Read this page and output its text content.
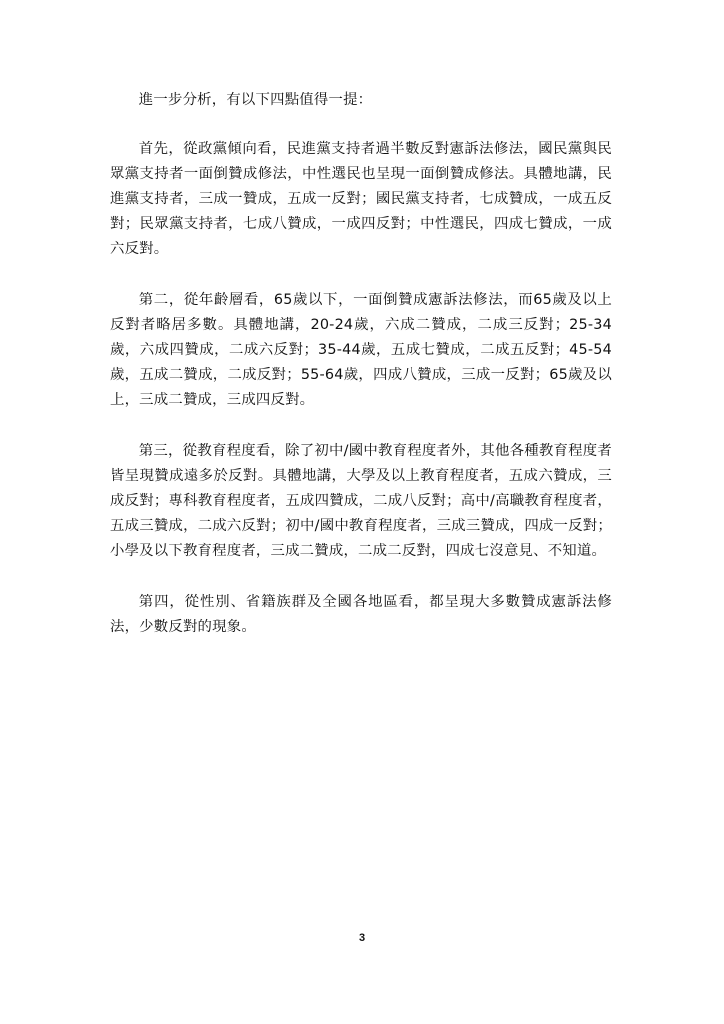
進一步分析，有以下四點值得一提：

首先，從政黨傾向看，民進黨支持者過半數反對憲訴法修法，國民黨與民眾黨支持者一面倒贊成修法，中性選民也呈現一面倒贊成修法。具體地講，民進黨支持者，三成一贊成，五成一反對；國民黨支持者，七成贊成，一成五反對；民眾黨支持者，七成八贊成，一成四反對；中性選民，四成七贊成，一成六反對。

第二，從年齡層看，65歲以下，一面倒贊成憲訴法修法，而65歲及以上反對者略居多數。具體地講，20-24歲，六成二贊成，二成三反對；25-34歲，六成四贊成，二成六反對；35-44歲，五成七贊成，二成五反對；45-54歲，五成二贊成，二成反對；55-64歲，四成八贊成，三成一反對；65歲及以上，三成二贊成，三成四反對。

第三，從教育程度看，除了初中/國中教育程度者外，其他各種教育程度者皆呈現贊成遠多於反對。具體地講，大學及以上教育程度者，五成六贊成，三成反對；專科教育程度者，五成四贊成，二成八反對；高中/高職教育程度者，五成三贊成，二成六反對；初中/國中教育程度者，三成三贊成，四成一反對；小學及以下教育程度者，三成二贊成，二成二反對，四成七沒意見、不知道。

第四，從性別、省籍族群及全國各地區看，都呈現大多數贊成憲訴法修法，少數反對的現象。

3
